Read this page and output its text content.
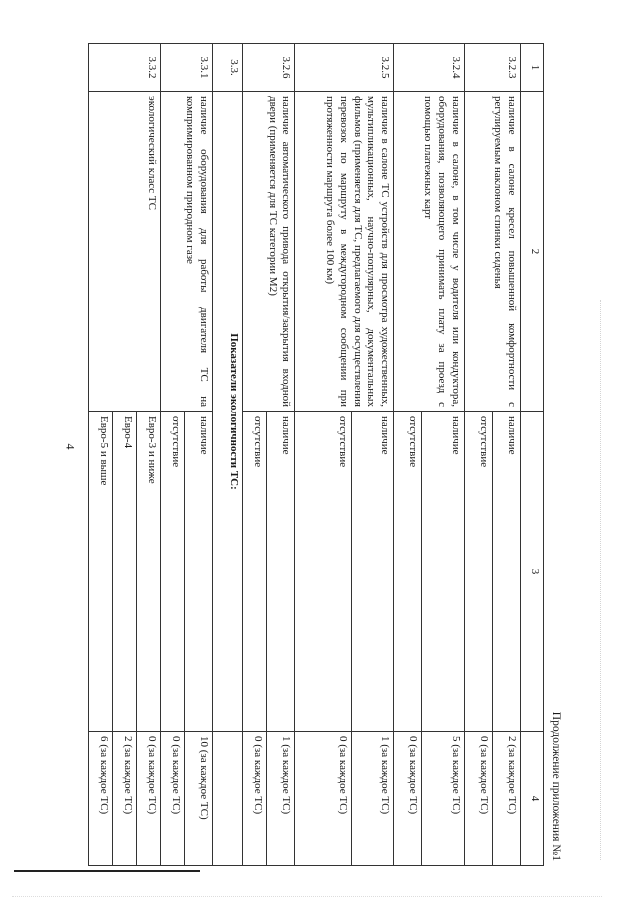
4
Продолжение приложения №1
1	2	3	4
3.2.3	наличие в салоне кресел повышенной комфортности с регулируемым наклоном спинки сиденья	наличие	2 (за каждое ТС)
		отсутствие	0 (за каждое ТС)
3.2.4	наличие в салоне, в том числе у водителя или кондуктора, оборудования, позволяющего принимать плату за проезд с помощью платежных карт	наличие	5 (за каждое ТС)
		отсутствие	0 (за каждое ТС)
3.2.5	наличие в салоне ТС устройств для просмотра художественных, мультипликационных, научно-популярных, документальных фильмов (применяется для ТС, предлагаемого для осуществления перевозок по маршруту в междугородном сообщении при протяженности маршрута более 100 км)	наличие	1 (за каждое ТС)
		отсутствие	0 (за каждое ТС)
3.2.6	наличие автоматического привода открытия/закрытия входной двери (применяется для ТС категории М2)	наличие	1 (за каждое ТС)
		отсутствие	0 (за каждое ТС)
3.3.	Показатели экологичности ТС:		
3.3.1	наличие оборудования для работы двигателя ТС на компримированном природном газе	наличие	10 (за каждое ТС)
		отсутствие	0 (за каждое ТС)
3.3.2	экологический класс ТС	Евро-3 и ниже	0 (за каждое ТС)
		Евро-4	2 (за каждое ТС)
		Евро-5 и выше	6 (за каждое ТС)
